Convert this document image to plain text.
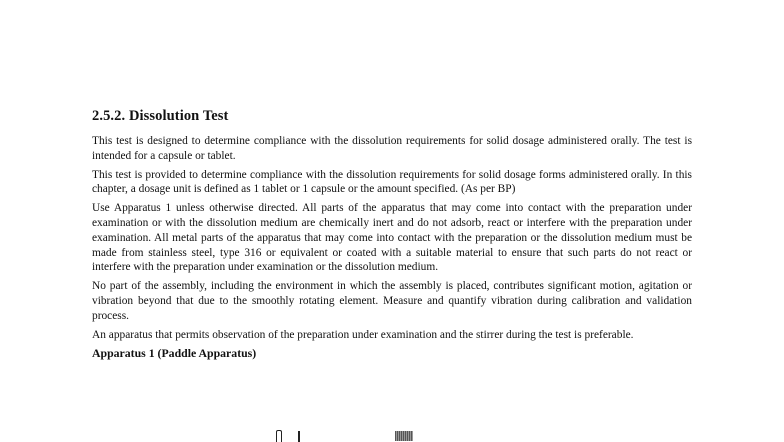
2.5.2. Dissolution Test

This test is designed to determine compliance with the dissolution requirements for solid dosage administered orally. The test is intended for a capsule or tablet.

This test is provided to determine compliance with the dissolution requirements for solid dosage forms administered orally. In this chapter, a dosage unit is defined as 1 tablet or 1 capsule or the amount specified. (As per BP)

Use Apparatus 1 unless otherwise directed. All parts of the apparatus that may come into contact with the preparation under examination or with the dissolution medium are chemically inert and do not adsorb, react or interfere with the preparation under examination. All metal parts of the apparatus that may come into contact with the preparation or the dissolution medium must be made from stainless steel, type 316 or equivalent or coated with a suitable material to ensure that such parts do not react or interfere with the preparation under examination or the dissolution medium.

No part of the assembly, including the environment in which the assembly is placed, contributes significant motion, agitation or vibration beyond that due to the smoothly rotating element. Measure and quantify vibration during calibration and validation process.

An apparatus that permits observation of the preparation under examination and the stirrer during the test is preferable.

Apparatus 1 (Paddle Apparatus)
